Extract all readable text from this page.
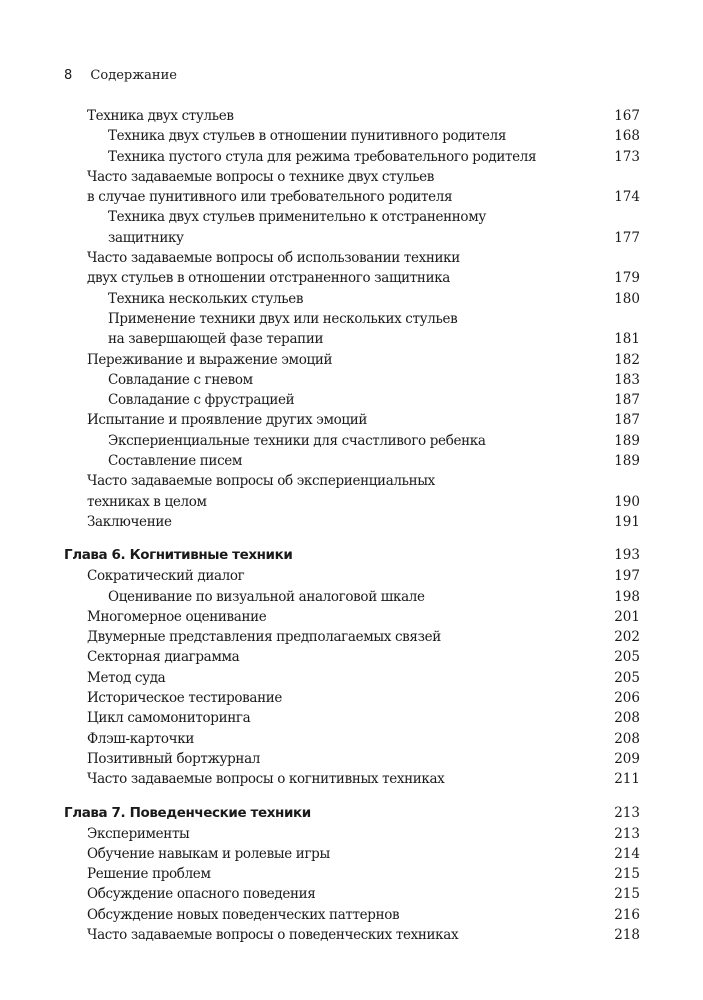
8 Содержание
Техника двух стульев	167
Техника двух стульев в отношении пунитивного родителя	168
Техника пустого стула для режима требовательного родителя	173
Часто задаваемые вопросы о технике двух стульев
в случае пунитивного или требовательного родителя	174
Техника двух стульев применительно к отстраненному
защитнику	177
Часто задаваемые вопросы об использовании техники
двух стульев в отношении отстраненного защитника	179
Техника нескольких стульев	180
Применение техники двух или нескольких стульев
на завершающей фазе терапии	181
Переживание и выражение эмоций	182
Совладание с гневом	183
Совладание с фрустрацией	187
Испытание и проявление других эмоций	187
Экспериенциальные техники для счастливого ребенка	189
Составление писем	189
Часто задаваемые вопросы об экспериенциальных
техниках в целом	190
Заключение	191
Глава 6. Когнитивные техники	193
Сократический диалог	197
Оценивание по визуальной аналоговой шкале	198
Многомерное оценивание	201
Двумерные представления предполагаемых связей	202
Секторная диаграмма	205
Метод суда	205
Историческое тестирование	206
Цикл самомониторинга	208
Флэш-карточки	208
Позитивный бортжурнал	209
Часто задаваемые вопросы о когнитивных техниках	211
Глава 7. Поведенческие техники	213
Эксперименты	213
Обучение навыкам и ролевые игры	214
Решение проблем	215
Обсуждение опасного поведения	215
Обсуждение новых поведенческих паттернов	216
Часто задаваемые вопросы о поведенческих техниках	218
